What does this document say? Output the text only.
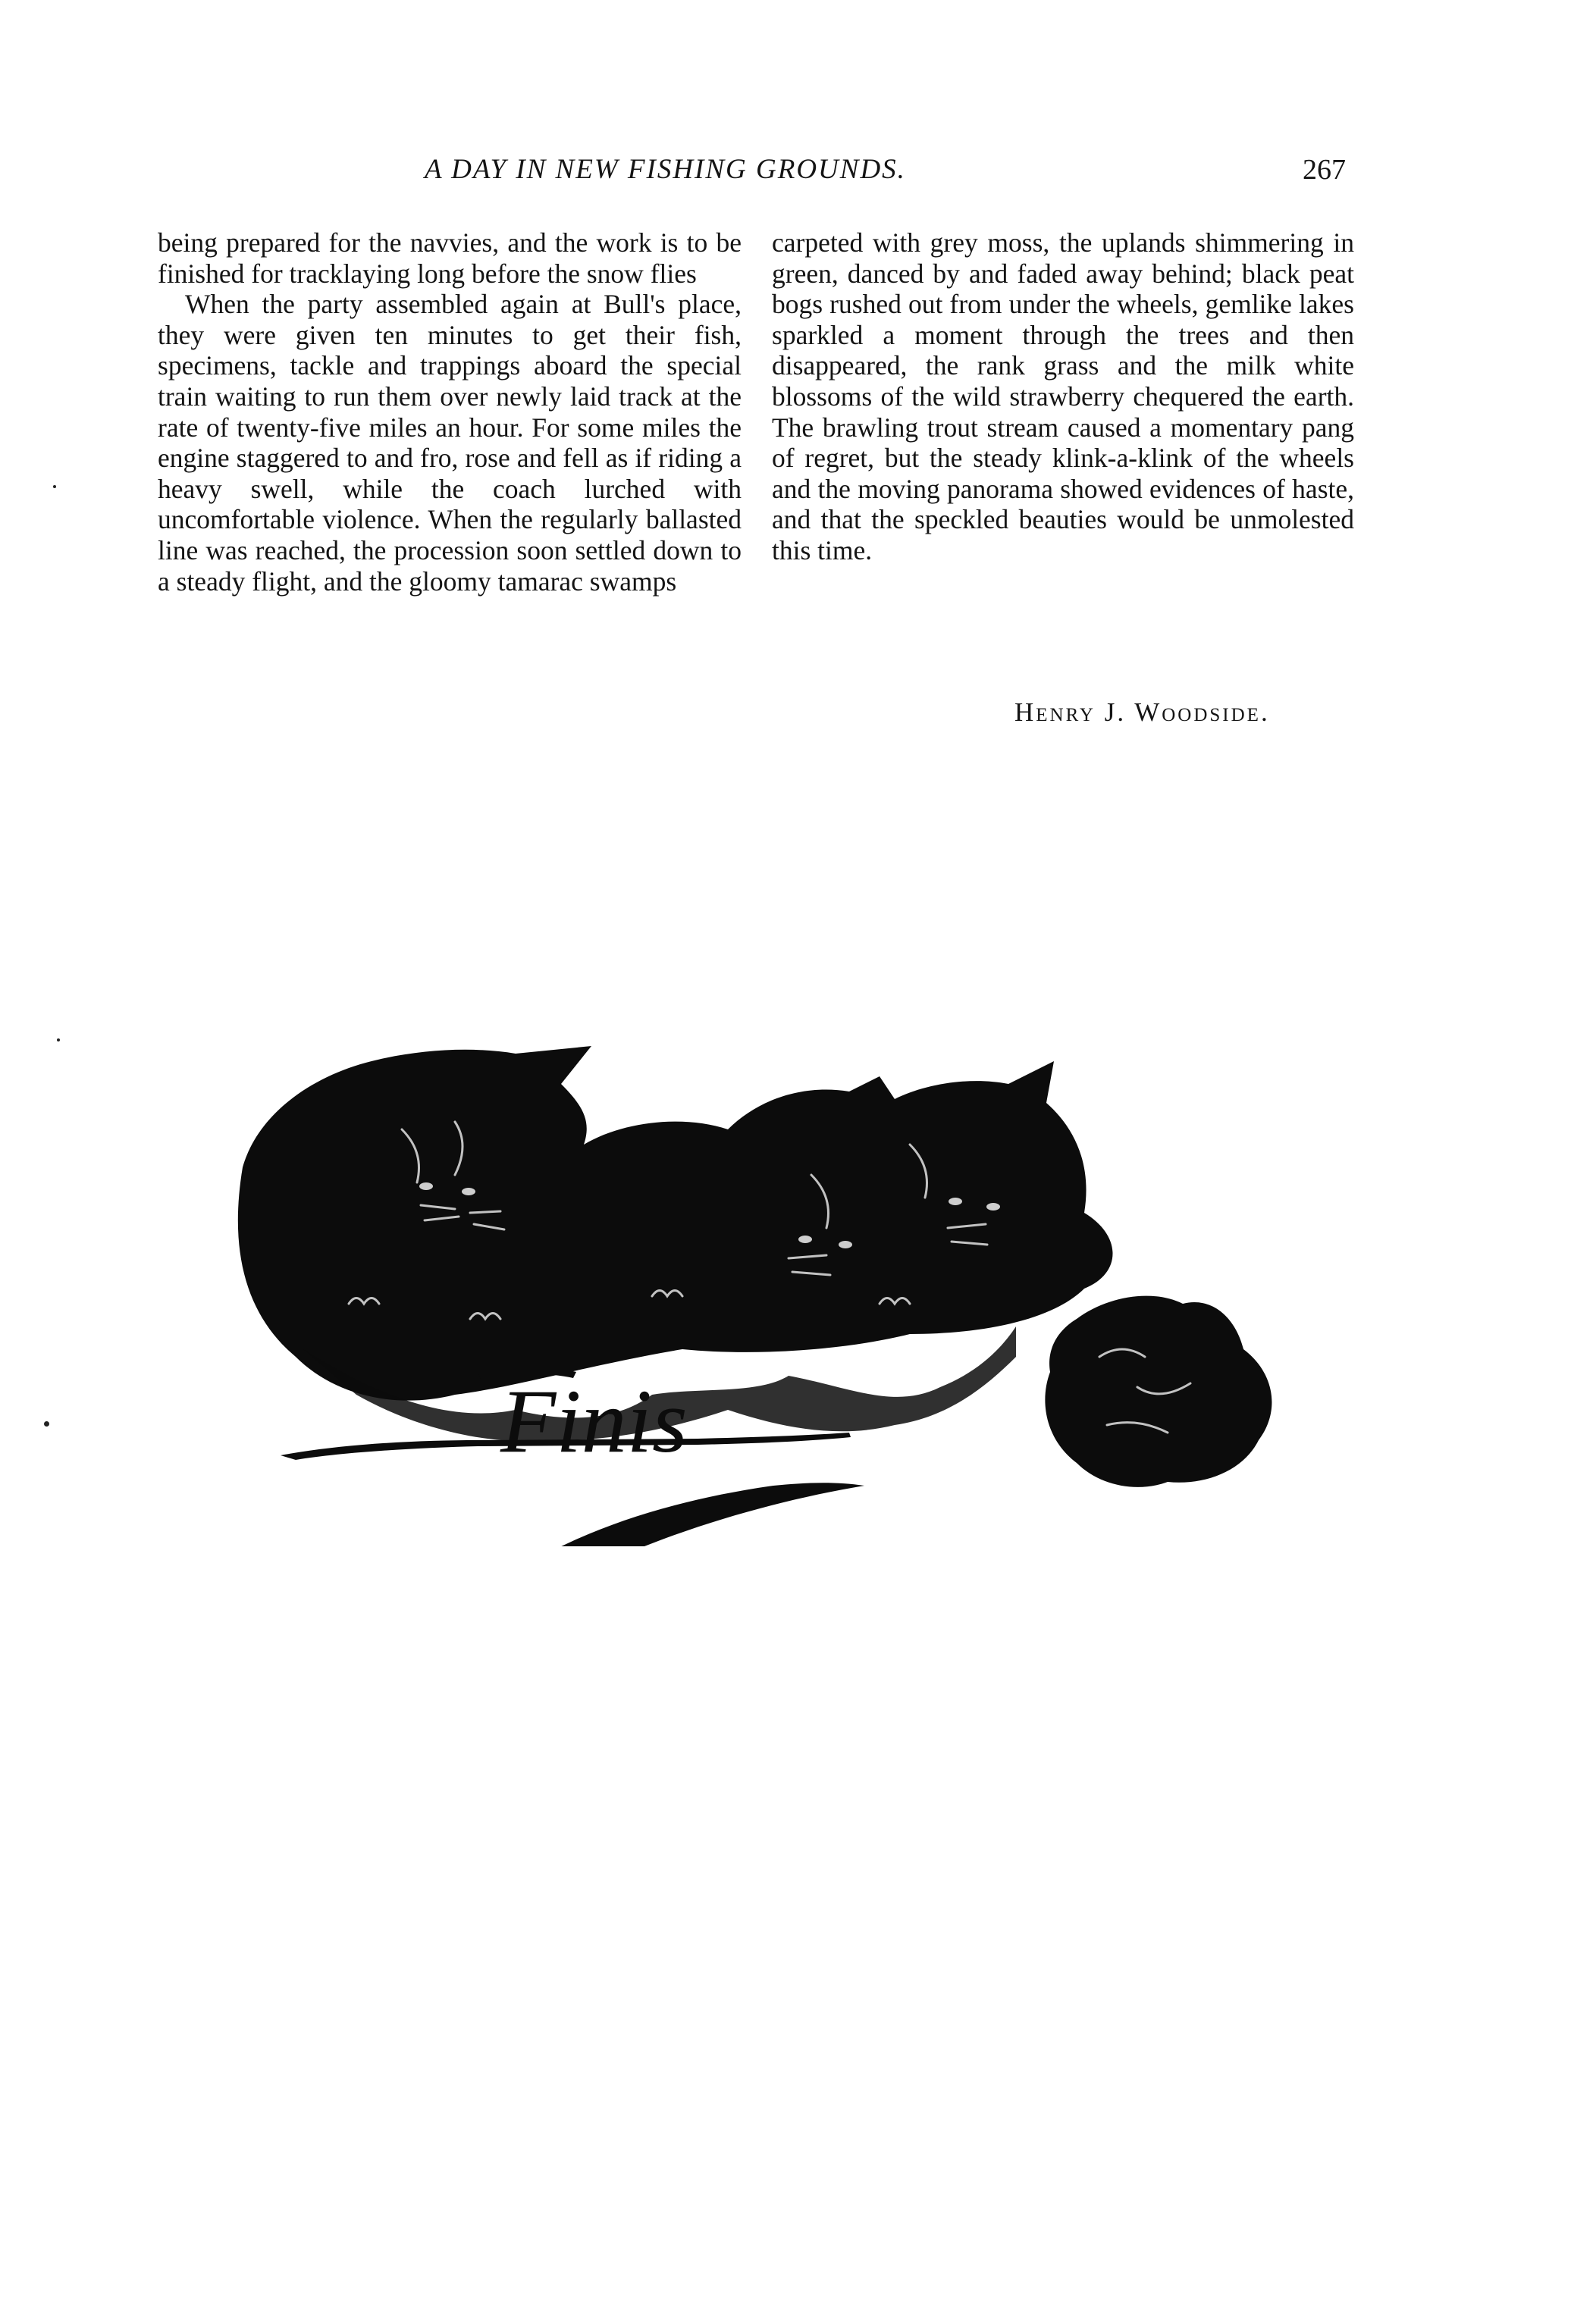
A DAY IN NEW FISHING GROUNDS.	267

being prepared for the navvies, and the work is to be finished for tracklaying long before the snow flies

When the party assembled again at Bull's place, they were given ten minutes to get their fish, specimens, tackle and trappings aboard the special train waiting to run them over newly laid track at the rate of twenty-five miles an hour. For some miles the engine staggered to and fro, rose and fell as if riding a heavy swell, while the coach lurched with uncomfortable violence. When the regularly ballasted line was reached, the procession soon settled down to a steady flight, and the gloomy tamarac swamps

carpeted with grey moss, the uplands shimmering in green, danced by and faded away behind; black peat bogs rushed out from under the wheels, gemlike lakes sparkled a moment through the trees and then disappeared, the rank grass and the milk white blossoms of the wild strawberry chequered the earth. The brawling trout stream caused a momentary pang of regret, but the steady klink-a-klink of the wheels and the moving panorama showed evidences of haste, and that the speckled beauties would be unmolested this time.

Henry J. Woodside.
Finis
